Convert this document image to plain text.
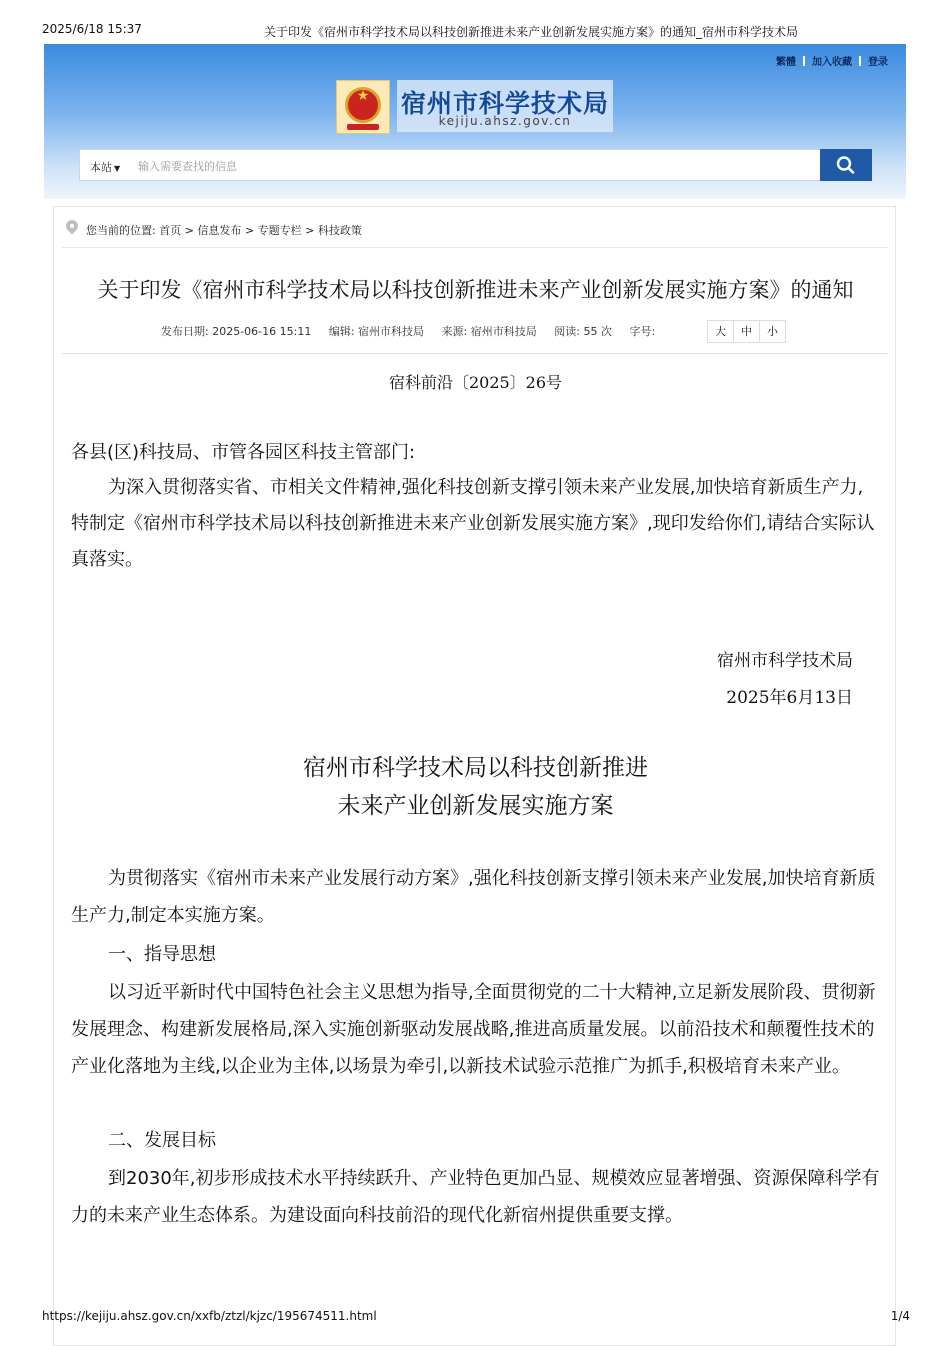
2025/6/18 15:37	关于印发《宿州市科学技术局以科技创新推进未来产业创新发展实施方案》的通知_宿州市科学技术局
繁體 加入收藏 登录
★	宿州市科学技术局
kejiju.ahsz.gov.cn
本站 ▼
输入需要查找的信息
您当前的位置: 首页 > 信息发布 > 专题专栏 > 科技政策
关于印发《宿州市科学技术局以科技创新推进未来产业创新发展实施方案》的通知
发布日期: 2025-06-16 15:11 编辑: 宿州市科技局 来源: 宿州市科技局 阅读: 55 次 字号:	大	中	小
宿科前沿〔2025〕26号
各县(区)科技局、市管各园区科技主管部门:
为深入贯彻落实省、市相关文件精神,强化科技创新支撑引领未来产业发展,加快培育新质生产力,特制定《宿州市科学技术局以科技创新推进未来产业创新发展实施方案》,现印发给你们,请结合实际认真落实。
宿州市科学技术局
2025年6月13日
宿州市科学技术局以科技创新推进
未来产业创新发展实施方案
为贯彻落实《宿州市未来产业发展行动方案》,强化科技创新支撑引领未来产业发展,加快培育新质生产力,制定本实施方案。
一、指导思想
以习近平新时代中国特色社会主义思想为指导,全面贯彻党的二十大精神,立足新发展阶段、贯彻新发展理念、构建新发展格局,深入实施创新驱动发展战略,推进高质量发展。以前沿技术和颠覆性技术的产业化落地为主线,以企业为主体,以场景为牵引,以新技术试验示范推广为抓手,积极培育未来产业。
二、发展目标
到2030年,初步形成技术水平持续跃升、产业特色更加凸显、规模效应显著增强、资源保障科学有力的未来产业生态体系。为建设面向科技前沿的现代化新宿州提供重要支撑。
https://kejiju.ahsz.gov.cn/xxfb/ztzl/kjzc/195674511.html	1/4
